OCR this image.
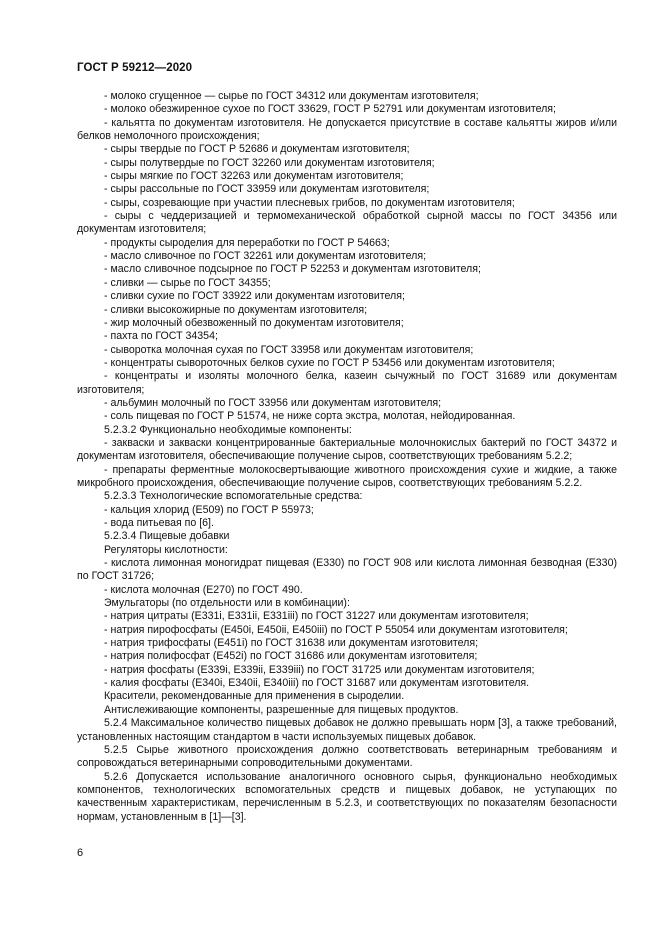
ГОСТ Р 59212—2020

- молоко сгущенное — сырье по ГОСТ 34312 или документам изготовителя;

- молоко обезжиренное сухое по ГОСТ 33629, ГОСТ Р 52791 или документам изготовителя;

- кальятта по документам изготовителя. Не допускается присутствие в составе кальятты жиров и/или белков немолочного происхождения;

- сыры твердые по ГОСТ Р 52686 и документам изготовителя;

- сыры полутвердые по ГОСТ 32260 или документам изготовителя;

- сыры мягкие по ГОСТ 32263 или документам изготовителя;

- сыры рассольные по ГОСТ 33959 или документам изготовителя;

- сыры, созревающие при участии плесневых грибов, по документам изготовителя;

- сыры с чеддеризацией и термомеханической обработкой сырной массы по ГОСТ 34356 или документам изготовителя;

- продукты сыроделия для переработки по ГОСТ Р 54663;

- масло сливочное по ГОСТ 32261 или документам изготовителя;

- масло сливочное подсырное по ГОСТ Р 52253 и документам изготовителя;

- сливки — сырье по ГОСТ 34355;

- сливки сухие по ГОСТ 33922 или документам изготовителя;

- сливки высокожирные по документам изготовителя;

- жир молочный обезвоженный по документам изготовителя;

- пахта по ГОСТ 34354;

- сыворотка молочная сухая по ГОСТ 33958 или документам изготовителя;

- концентраты сывороточных белков сухие по ГОСТ Р 53456 или документам изготовителя;

- концентраты и изоляты молочного белка, казеин сычужный по ГОСТ 31689 или документам изготовителя;

- альбумин молочный по ГОСТ 33956 или документам изготовителя;

- соль пищевая по ГОСТ Р 51574, не ниже сорта экстра, молотая, нейодированная.

5.2.3.2 Функционально необходимые компоненты:

- закваски и закваски концентрированные бактериальные молочнокислых бактерий по ГОСТ 34372 и документам изготовителя, обеспечивающие получение сыров, соответствующих требованиям 5.2.2;

- препараты ферментные молокосвертывающие животного происхождения сухие и жидкие, а также микробного происхождения, обеспечивающие получение сыров, соответствующих требованиям 5.2.2.

5.2.3.3 Технологические вспомогательные средства:

- кальция хлорид (Е509) по ГОСТ Р 55973;

- вода питьевая по [6].

5.2.3.4 Пищевые добавки

Регуляторы кислотности:

- кислота лимонная моногидрат пищевая (Е330) по ГОСТ 908 или кислота лимонная безводная (Е330) по ГОСТ 31726;

- кислота молочная (Е270) по ГОСТ 490.

Эмульгаторы (по отдельности или в комбинации):

- натрия цитраты (Е331i, Е331ii, Е331iii) по ГОСТ 31227 или документам изготовителя;

- натрия пирофосфаты (Е450i, Е450ii, Е450iii) по ГОСТ Р 55054 или документам изготовителя;

- натрия трифосфаты (Е451i) по ГОСТ 31638 или документам изготовителя;

- натрия полифосфат (Е452i) по ГОСТ 31686 или документам изготовителя;

- натрия фосфаты (Е339i, Е339ii, Е339iii) по ГОСТ 31725 или документам изготовителя;

- калия фосфаты (Е340i, Е340ii, Е340iii) по ГОСТ 31687 или документам изготовителя.

Красители, рекомендованные для применения в сыроделии.

Антислеживающие компоненты, разрешенные для пищевых продуктов.

5.2.4 Максимальное количество пищевых добавок не должно превышать норм [3], а также требований, установленных настоящим стандартом в части используемых пищевых добавок.

5.2.5 Сырье животного происхождения должно соответствовать ветеринарным требованиям и сопровождаться ветеринарными сопроводительными документами.

5.2.6 Допускается использование аналогичного основного сырья, функционально необходимых компонентов, технологических вспомогательных средств и пищевых добавок, не уступающих по качественным характеристикам, перечисленным в 5.2.3, и соответствующих по показателям безопасности нормам, установленным в [1]—[3].

6
